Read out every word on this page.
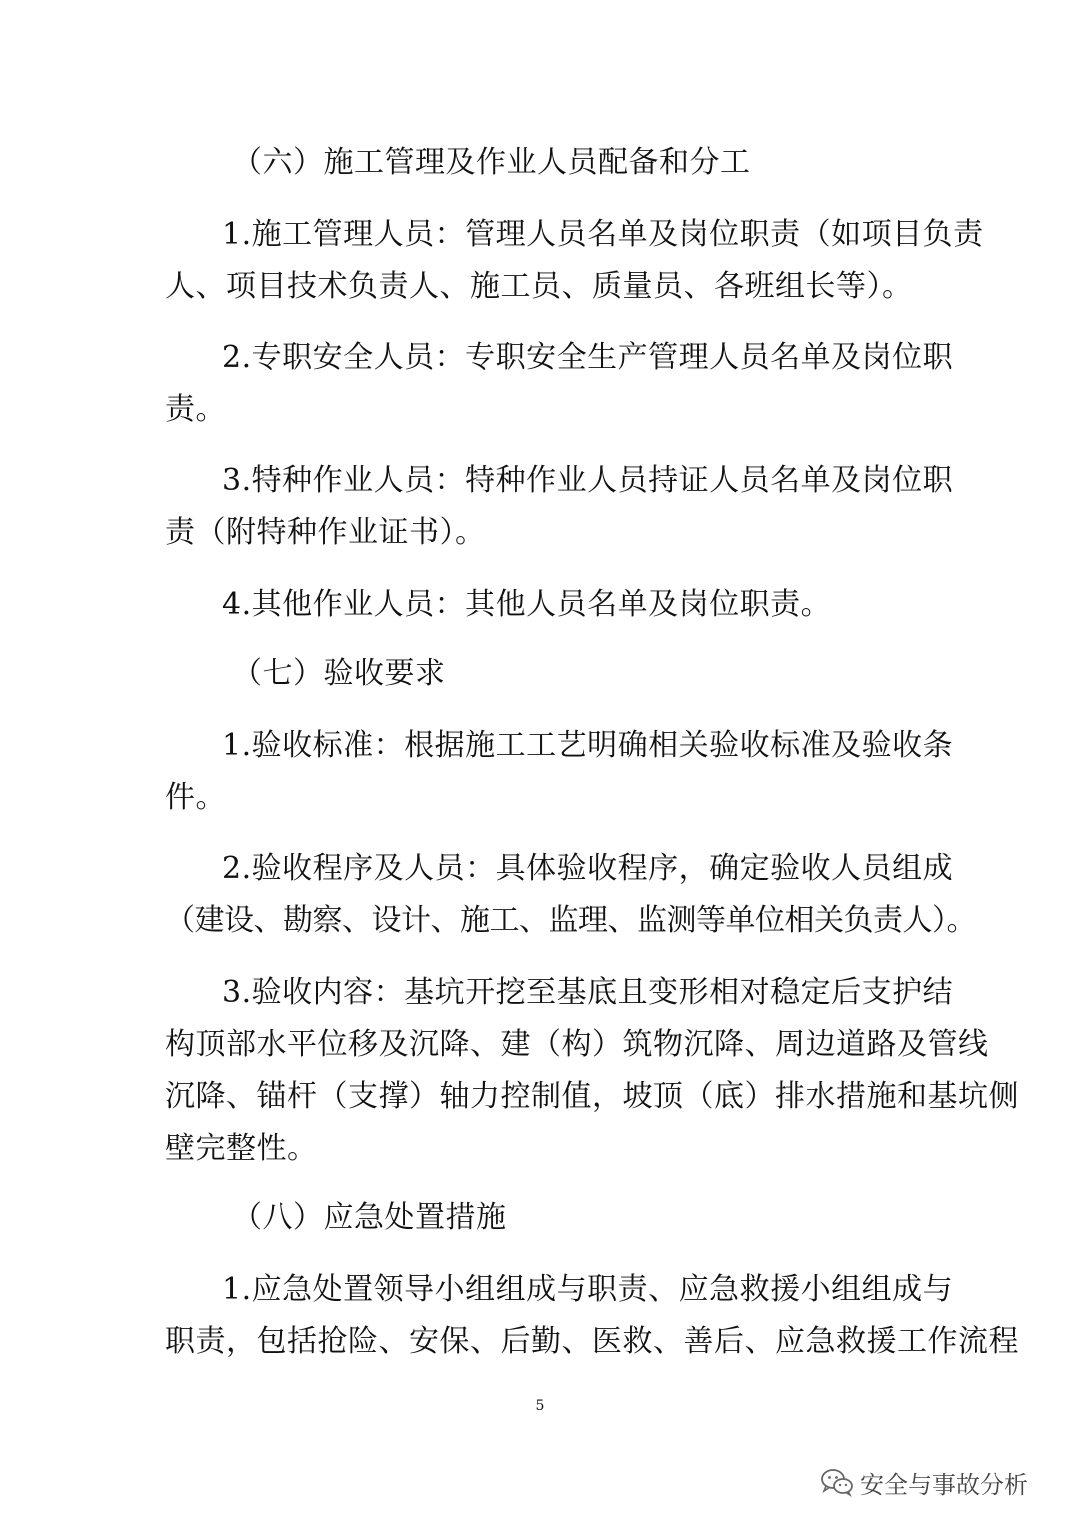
（六）施工管理及作业人员配备和分工
1.施工管理人员：管理人员名单及岗位职责（如项目负责
人、项目技术负责人、施工员、质量员、各班组长等）。
2.专职安全人员：专职安全生产管理人员名单及岗位职
责。
3.特种作业人员：特种作业人员持证人员名单及岗位职
责（附特种作业证书）。
4.其他作业人员：其他人员名单及岗位职责。
（七）验收要求
1.验收标准：根据施工工艺明确相关验收标准及验收条
件。
2.验收程序及人员：具体验收程序，确定验收人员组成
（建设、勘察、设计、施工、监理、监测等单位相关负责人）。
3.验收内容：基坑开挖至基底且变形相对稳定后支护结
构顶部水平位移及沉降、建（构）筑物沉降、周边道路及管线
沉降、锚杆（支撑）轴力控制值，坡顶（底）排水措施和基坑侧
壁完整性。
（八）应急处置措施
1.应急处置领导小组组成与职责、应急救援小组组成与
职责，包括抢险、安保、后勤、医救、善后、应急救援工作流程
5
安全与事故分析
